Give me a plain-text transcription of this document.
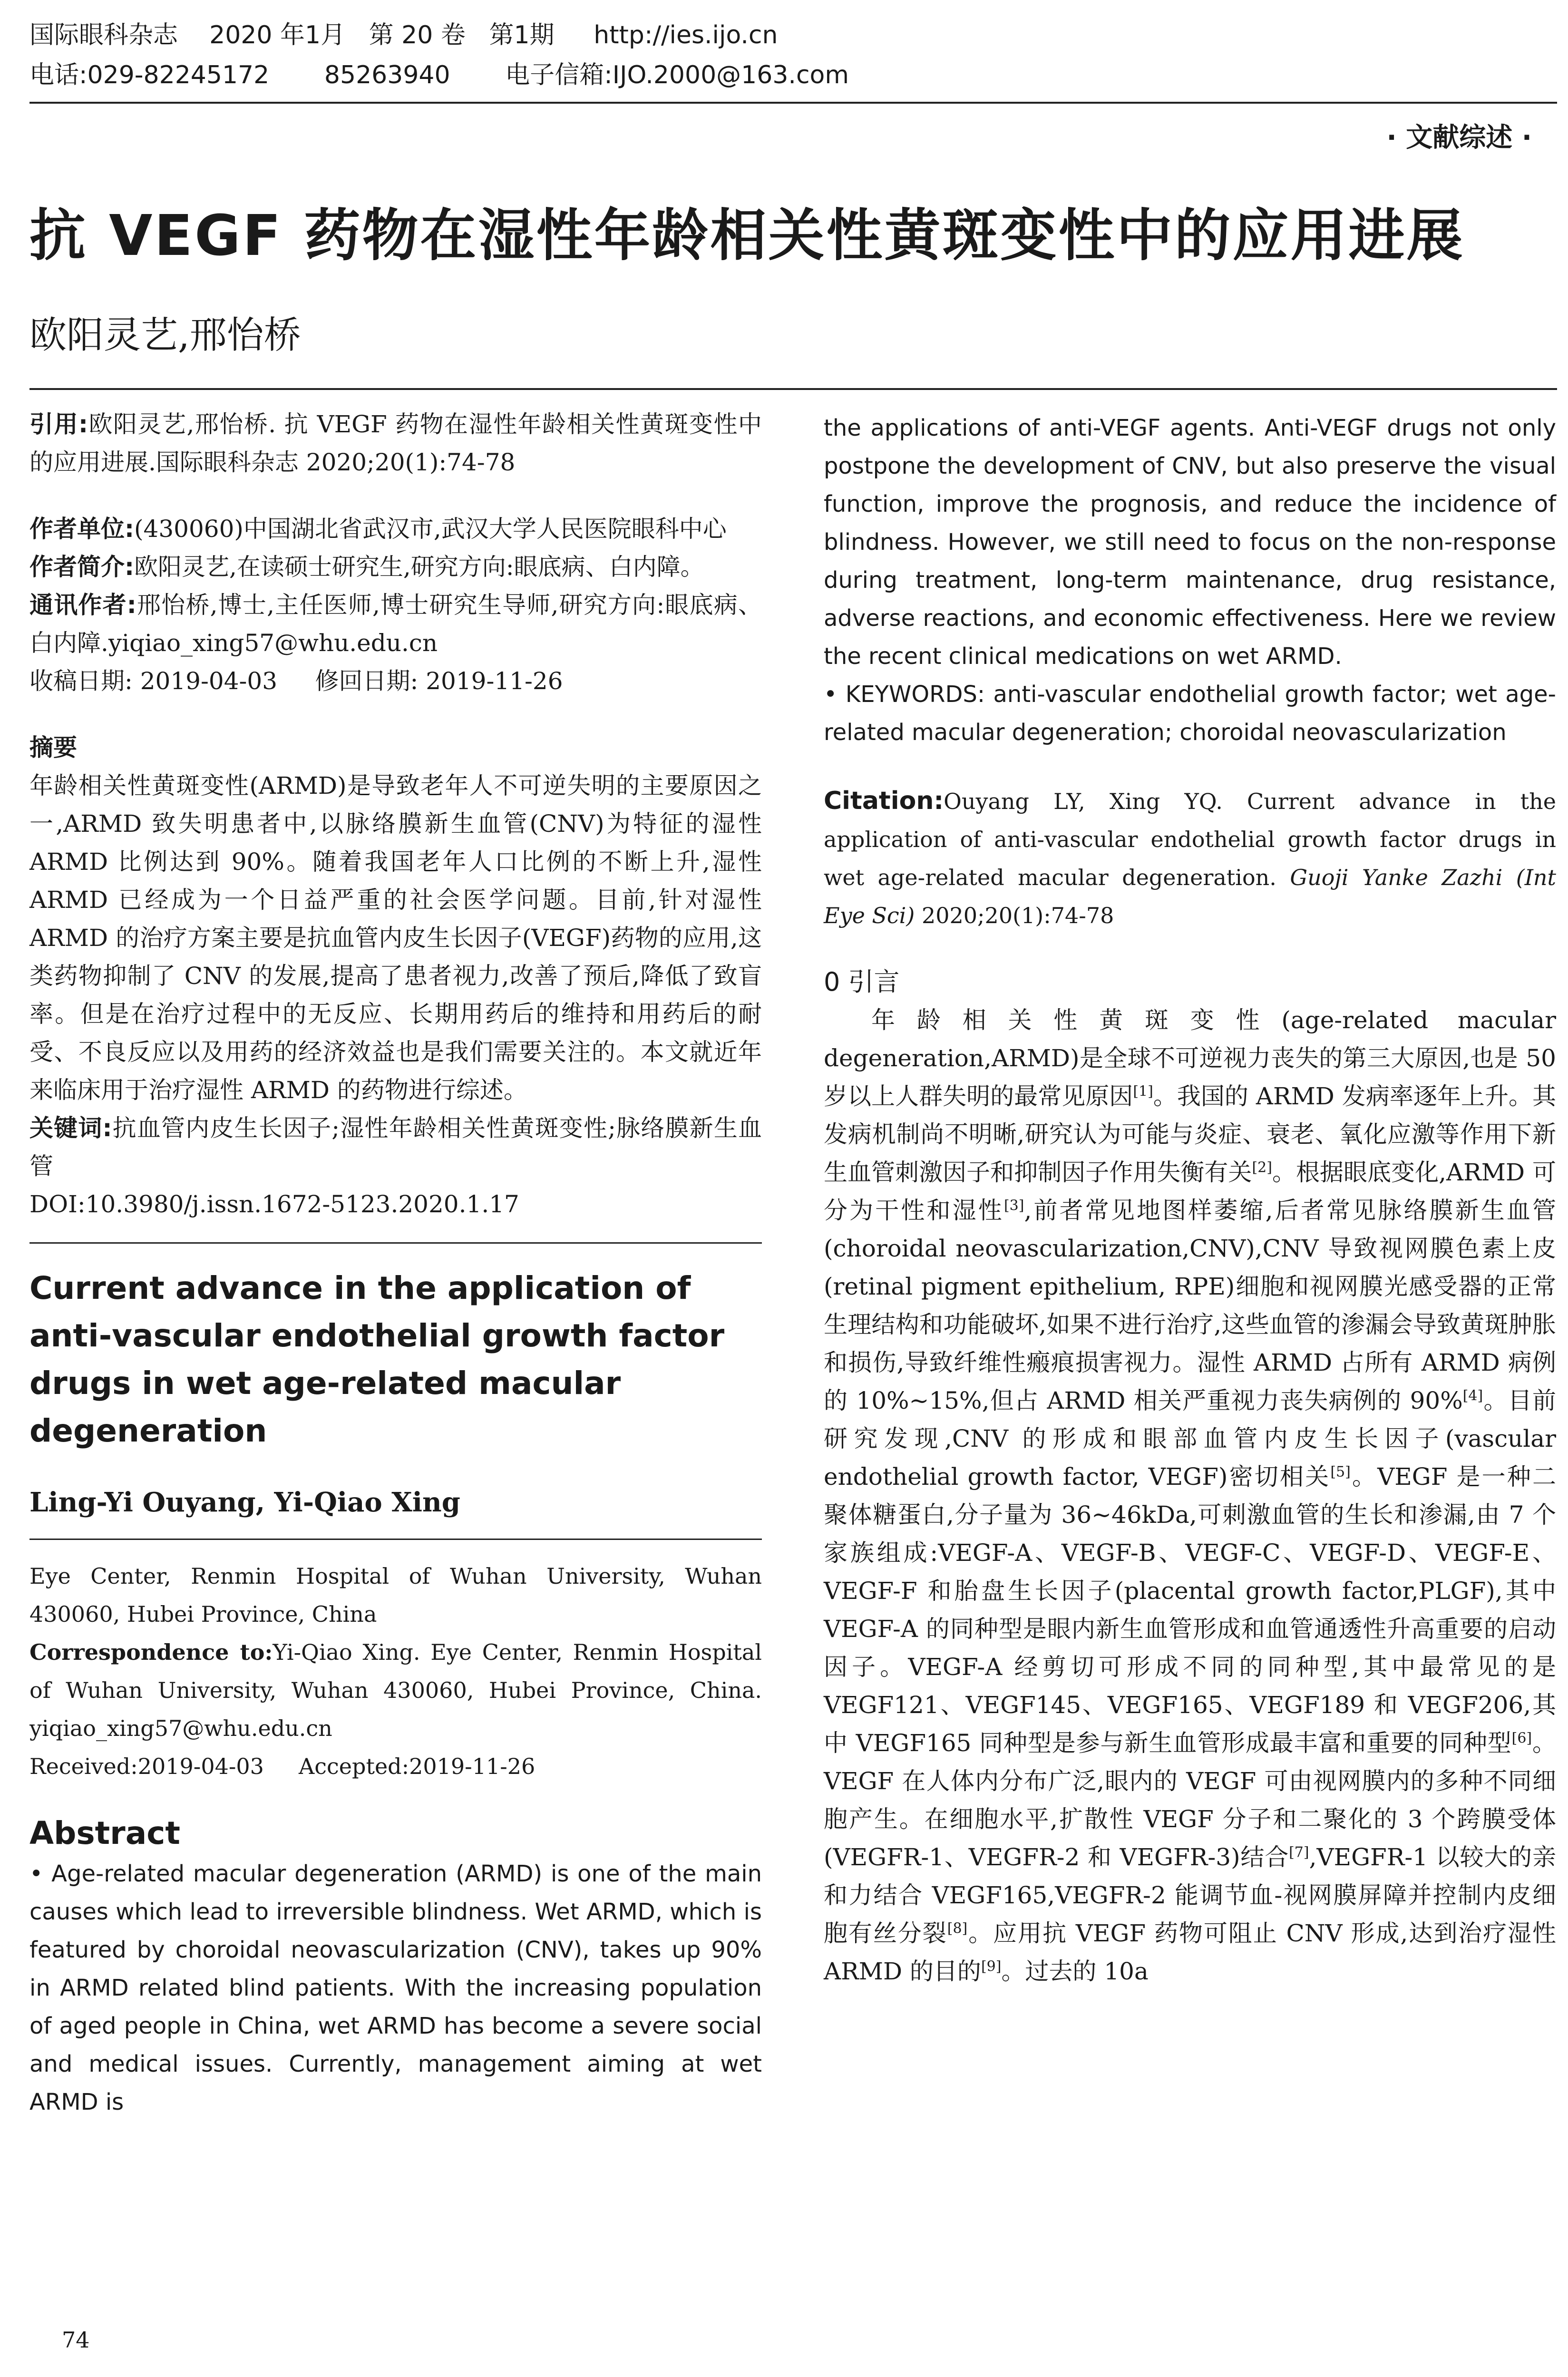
国际眼科杂志    2020 年1月   第 20 卷   第1期     http://ies.ijo.cn
电话:029-82245172       85263940       电子信箱:IJO.2000@163.com
· 文献综述 ·
抗 VEGF 药物在湿性年龄相关性黄斑变性中的应用进展
欧阳灵艺,邢怡桥

引用:欧阳灵艺,邢怡桥. 抗 VEGF 药物在湿性年龄相关性黄斑变性中的应用进展.国际眼科杂志 2020;20(1):74-78

作者单位:(430060)中国湖北省武汉市,武汉大学人民医院眼科中心

作者简介:欧阳灵艺,在读硕士研究生,研究方向:眼底病、白内障。

通讯作者:邢怡桥,博士,主任医师,博士研究生导师,研究方向:眼底病、白内障.yiqiao_xing57@whu.edu.cn

收稿日期: 2019-04-03     修回日期: 2019-11-26

摘要

年龄相关性黄斑变性(ARMD)是导致老年人不可逆失明的主要原因之一,ARMD 致失明患者中,以脉络膜新生血管(CNV)为特征的湿性 ARMD 比例达到 90%。随着我国老年人口比例的不断上升,湿性 ARMD 已经成为一个日益严重的社会医学问题。目前,针对湿性 ARMD 的治疗方案主要是抗血管内皮生长因子(VEGF)药物的应用,这类药物抑制了 CNV 的发展,提高了患者视力,改善了预后,降低了致盲率。但是在治疗过程中的无反应、长期用药后的维持和用药后的耐受、不良反应以及用药的经济效益也是我们需要关注的。本文就近年来临床用于治疗湿性 ARMD 的药物进行综述。

关键词:抗血管内皮生长因子;湿性年龄相关性黄斑变性;脉络膜新生血管

DOI:10.3980/j.issn.1672-5123.2020.1.17

Current advance in the application of anti-vascular endothelial growth factor drugs in wet age-related macular degeneration

Ling-Yi Ouyang, Yi-Qiao Xing

Eye Center, Renmin Hospital of Wuhan University, Wuhan 430060, Hubei Province, China

Correspondence to:Yi-Qiao Xing. Eye Center, Renmin Hospital of Wuhan University, Wuhan 430060, Hubei Province, China. yiqiao_xing57@whu.edu.cn

Received:2019-04-03     Accepted:2019-11-26

Abstract

• Age-related macular degeneration (ARMD) is one of the main causes which lead to irreversible blindness. Wet ARMD, which is featured by choroidal neovascularization (CNV), takes up 90% in ARMD related blind patients. With the increasing population of aged people in China, wet ARMD has become a severe social and medical issues. Currently, management aiming at wet ARMD is

the applications of anti-VEGF agents. Anti-VEGF drugs not only postpone the development of CNV, but also preserve the visual function, improve the prognosis, and reduce the incidence of blindness. However, we still need to focus on the non-response during treatment, long-term maintenance, drug resistance, adverse reactions, and economic effectiveness. Here we review the recent clinical medications on wet ARMD.

• KEYWORDS: anti-vascular endothelial growth factor; wet age-related macular degeneration; choroidal neovascularization

Citation:Ouyang LY, Xing YQ. Current advance in the application of anti-vascular endothelial growth factor drugs in wet age-related macular degeneration. Guoji Yanke Zazhi (Int Eye Sci) 2020;20(1):74-78

0 引言

年龄相关性黄斑变性(age-related macular degeneration,ARMD)是全球不可逆视力丧失的第三大原因,也是 50 岁以上人群失明的最常见原因[1]。我国的 ARMD 发病率逐年上升。其发病机制尚不明晰,研究认为可能与炎症、衰老、氧化应激等作用下新生血管刺激因子和抑制因子作用失衡有关[2]。根据眼底变化,ARMD 可分为干性和湿性[3],前者常见地图样萎缩,后者常见脉络膜新生血管(choroidal neovascularization,CNV),CNV 导致视网膜色素上皮(retinal pigment epithelium, RPE)细胞和视网膜光感受器的正常生理结构和功能破坏,如果不进行治疗,这些血管的渗漏会导致黄斑肿胀和损伤,导致纤维性瘢痕损害视力。湿性 ARMD 占所有 ARMD 病例的 10%~15%,但占 ARMD 相关严重视力丧失病例的 90%[4]。目前研究发现,CNV 的形成和眼部血管内皮生长因子(vascular endothelial growth factor, VEGF)密切相关[5]。VEGF 是一种二聚体糖蛋白,分子量为 36~46kDa,可刺激血管的生长和渗漏,由 7 个家族组成:VEGF-A、VEGF-B、VEGF-C、VEGF-D、VEGF-E、VEGF-F 和胎盘生长因子(placental growth factor,PLGF),其中 VEGF-A 的同种型是眼内新生血管形成和血管通透性升高重要的启动因子。VEGF-A 经剪切可形成不同的同种型,其中最常见的是 VEGF121、VEGF145、VEGF165、VEGF189 和 VEGF206,其中 VEGF165 同种型是参与新生血管形成最丰富和重要的同种型[6]。VEGF 在人体内分布广泛,眼内的 VEGF 可由视网膜内的多种不同细胞产生。在细胞水平,扩散性 VEGF 分子和二聚化的 3 个跨膜受体(VEGFR-1、VEGFR-2 和 VEGFR-3)结合[7],VEGFR-1 以较大的亲和力结合 VEGF165,VEGFR-2 能调节血-视网膜屏障并控制内皮细胞有丝分裂[8]。应用抗 VEGF 药物可阻止 CNV 形成,达到治疗湿性 ARMD 的目的[9]。过去的 10a

74
